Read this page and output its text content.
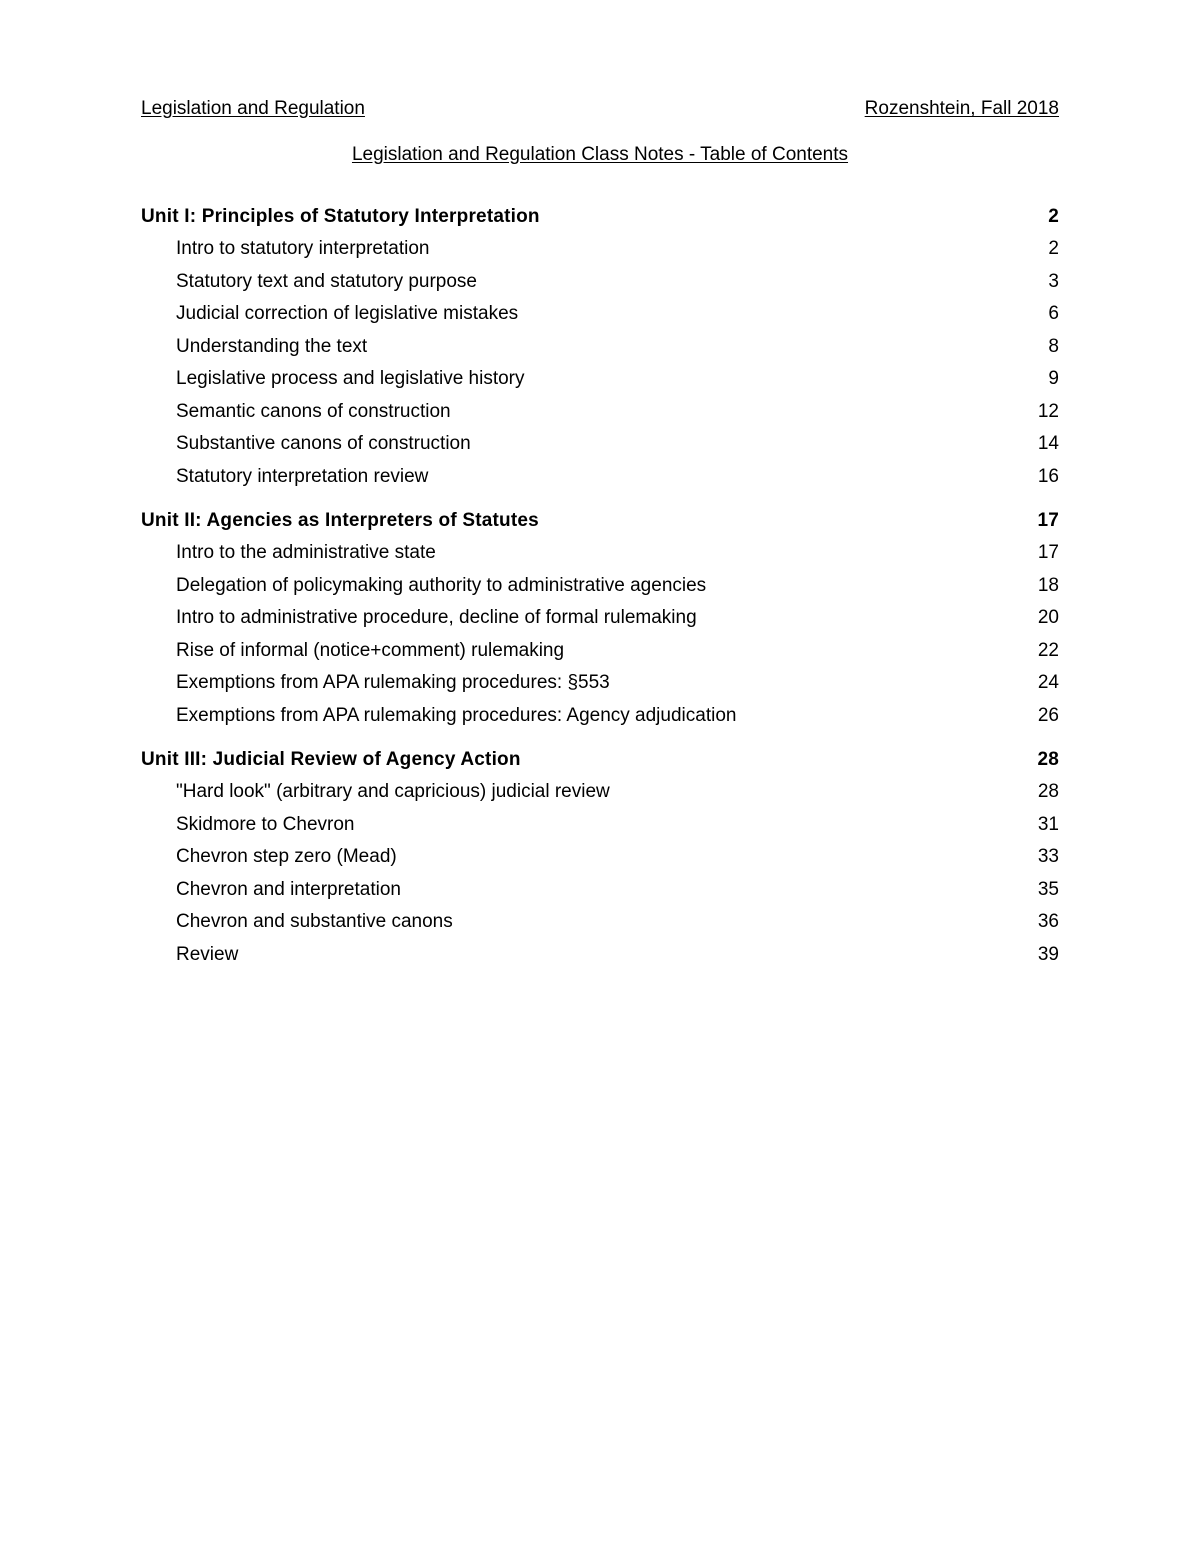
Legislation and Regulation	Rozenshtein, Fall 2018
Legislation and Regulation Class Notes - Table of Contents
Unit I: Principles of Statutory Interpretation	2
Intro to statutory interpretation	2
Statutory text and statutory purpose	3
Judicial correction of legislative mistakes	6
Understanding the text	8
Legislative process and legislative history	9
Semantic canons of construction	12
Substantive canons of construction	14
Statutory interpretation review	16
Unit II: Agencies as Interpreters of Statutes	17
Intro to the administrative state	17
Delegation of policymaking authority to administrative agencies	18
Intro to administrative procedure, decline of formal rulemaking	20
Rise of informal (notice+comment) rulemaking	22
Exemptions from APA rulemaking procedures: §553	24
Exemptions from APA rulemaking procedures: Agency adjudication	26
Unit III: Judicial Review of Agency Action	28
"Hard look" (arbitrary and capricious) judicial review	28
Skidmore to Chevron	31
Chevron step zero (Mead)	33
Chevron and interpretation	35
Chevron and substantive canons	36
Review	39
